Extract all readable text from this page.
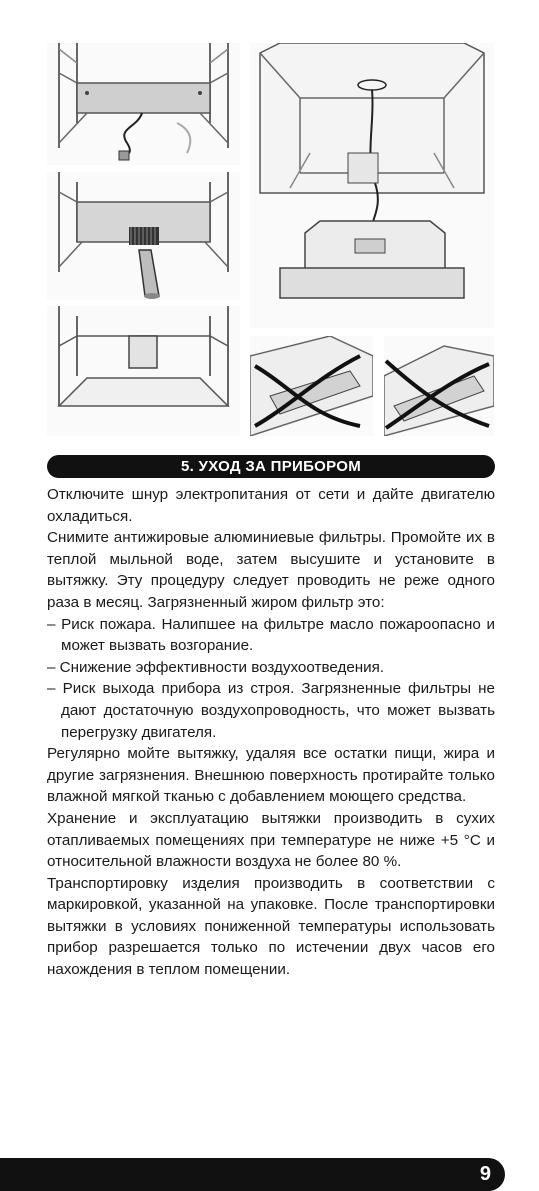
5. УХОД ЗА ПРИБОРОМ

Отключите шнур электропитания от сети и дайте двигателю охладиться.

Снимите антижировые алюминиевые фильтры. Промойте их в теплой мыльной воде, затем высушите и установите в вытяжку. Эту процедуру следует проводить не реже одного раза в месяц. Загрязненный жиром фильтр это:

– Риск пожара. Налипшее на фильтре масло пожароопасно и может вызвать возгорание.

– Снижение эффективности воздухоотведения.

– Риск выхода прибора из строя. Загрязненные фильтры не дают достаточную воздухопроводность, что может вызвать перегрузку двигателя.

Регулярно мойте вытяжку, удаляя все остатки пищи, жира и другие загрязнения. Внешнюю поверхность протирайте только влажной мягкой тканью с добавлением моющего средства.

Хранение и эксплуатацию вытяжки производить в сухих отапливаемых помещениях при температуре не ниже +5 °С и относительной влажности воздуха не более 80 %.

Транспортировку изделия производить в соответствии с маркировкой, указанной на упаковке. После транспортировки вытяжки в условиях пониженной температуры использовать прибор разрешается только по истечении двух часов его нахождения в теплом помещении.

9
